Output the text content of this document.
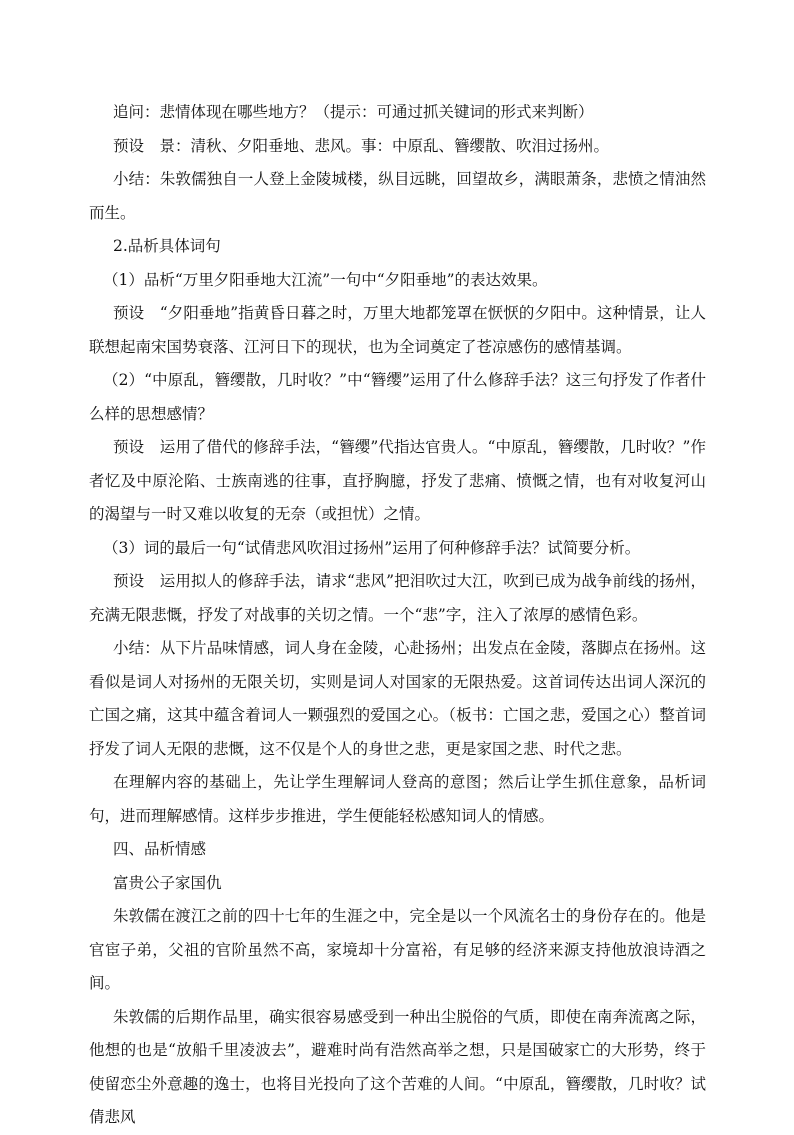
追问：悲情体现在哪些地方？（提示：可通过抓关键词的形式来判断）

预设　景：清秋、夕阳垂地、悲风。事：中原乱、簪缨散、吹泪过扬州。

小结：朱敦儒独自一人登上金陵城楼，纵目远眺，回望故乡，满眼萧条，悲愤之情油然而生。

2.品析具体词句

（1）品析“万里夕阳垂地大江流”一句中“夕阳垂地”的表达效果。

预设　“夕阳垂地”指黄昏日暮之时，万里大地都笼罩在恹恹的夕阳中。这种情景，让人联想起南宋国势衰落、江河日下的现状，也为全词奠定了苍凉感伤的感情基调。

（2）“中原乱，簪缨散，几时收？”中“簪缨”运用了什么修辞手法？这三句抒发了作者什么样的思想感情？

预设　运用了借代的修辞手法，“簪缨”代指达官贵人。“中原乱，簪缨散，几时收？”作者忆及中原沦陷、士族南逃的往事，直抒胸臆，抒发了悲痛、愤慨之情，也有对收复河山的渴望与一时又难以收复的无奈（或担忧）之情。

（3）词的最后一句“试倩悲风吹泪过扬州”运用了何种修辞手法？试简要分析。

预设　运用拟人的修辞手法，请求“悲风”把泪吹过大江，吹到已成为战争前线的扬州，充满无限悲慨，抒发了对战事的关切之情。一个“悲”字，注入了浓厚的感情色彩。

小结：从下片品味情感，词人身在金陵，心赴扬州；出发点在金陵，落脚点在扬州。这看似是词人对扬州的无限关切，实则是词人对国家的无限热爱。这首词传达出词人深沉的亡国之痛，这其中蕴含着词人一颗强烈的爱国之心。（板书：亡国之悲，爱国之心）整首词抒发了词人无限的悲慨，这不仅是个人的身世之悲，更是家国之悲、时代之悲。

在理解内容的基础上，先让学生理解词人登高的意图；然后让学生抓住意象，品析词句，进而理解感情。这样步步推进，学生便能轻松感知词人的情感。

四、品析情感

富贵公子家国仇

朱敦儒在渡江之前的四十七年的生涯之中，完全是以一个风流名士的身份存在的。他是官宦子弟，父祖的官阶虽然不高，家境却十分富裕，有足够的经济来源支持他放浪诗酒之间。

朱敦儒的后期作品里，确实很容易感受到一种出尘脱俗的气质，即使在南奔流离之际，他想的也是“放船千里凌波去”，避难时尚有浩然高举之想，只是国破家亡的大形势，终于使留恋尘外意趣的逸士，也将目光投向了这个苦难的人间。“中原乱，簪缨散，几时收？试倩悲风
